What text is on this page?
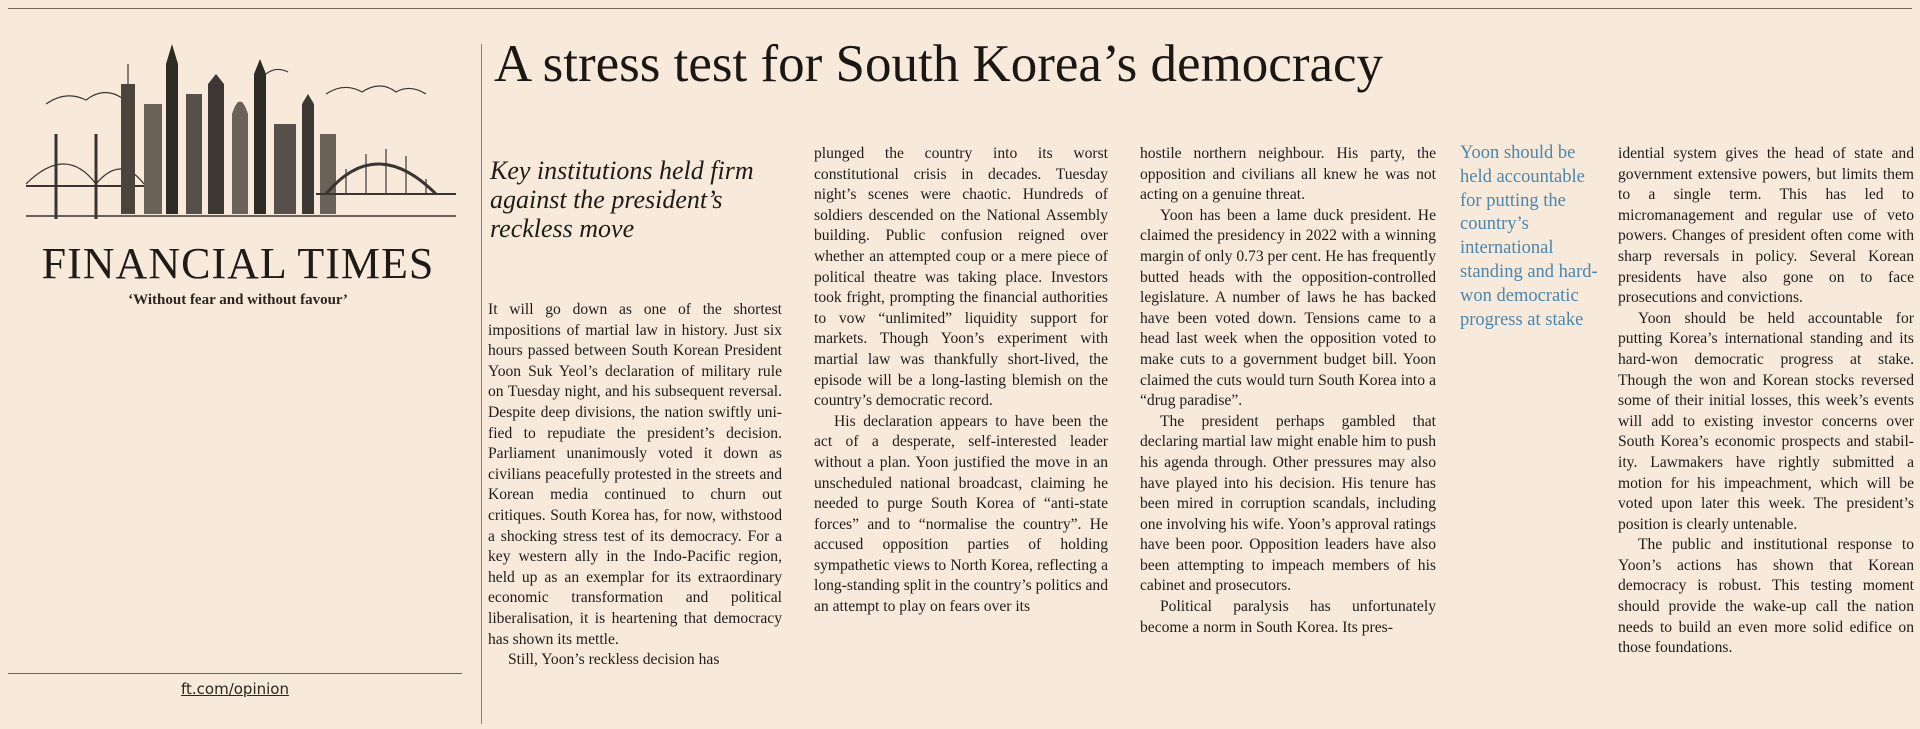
FINANCIAL TIMES
‘Without fear and without favour’
ft.com/opinion
A stress test for South Korea’s democracy
Key institutions held firm against the president’s reckless move

It will go down as one of the shortest impositions of martial law in history. Just six hours passed between South Korean President Yoon Suk Yeol’s declaration of military rule on Tuesday night, and his subsequent reversal. Despite deep divisions, the nation swiftly unified to repudiate the president’s decision. Parliament unanimously voted it down as civilians peacefully protested in the streets and Korean media continued to churn out critiques. South Korea has, for now, withstood a shocking stress test of its democracy. For a key western ally in the Indo-Pacific region, held up as an exemplar for its extraordinary economic transformation and political liberalisation, it is heartening that democracy has shown its mettle.

Still, Yoon’s reckless decision has

plunged the country into its worst constitutional crisis in decades. Tuesday night’s scenes were chaotic. Hundreds of soldiers descended on the National Assembly building. Public confusion reigned over whether an attempted coup or a mere piece of political theatre was taking place. Investors took fright, prompting the financial authorities to vow “unlimited” liquidity support for markets. Though Yoon’s experiment with martial law was thankfully short-lived, the episode will be a long-lasting blemish on the country’s democratic record.

His declaration appears to have been the act of a desperate, self-interested leader without a plan. Yoon justified the move in an unscheduled national broadcast, claiming he needed to purge South Korea of “anti-state forces” and to “normalise the country”. He accused opposition parties of holding sympathetic views to North Korea, reflecting a long-standing split in the country’s politics and an attempt to play on fears over its

hostile northern neighbour. His party, the opposition and civilians all knew he was not acting on a genuine threat.

Yoon has been a lame duck president. He claimed the presidency in 2022 with a winning margin of only 0.73 per cent. He has frequently butted heads with the opposition-controlled legislature. A number of laws he has backed have been voted down. Tensions came to a head last week when the opposition voted to make cuts to a government budget bill. Yoon claimed the cuts would turn South Korea into a “drug paradise”.

The president perhaps gambled that declaring martial law might enable him to push his agenda through. Other pressures may also have played into his decision. His tenure has been mired in corruption scandals, including one involving his wife. Yoon’s approval ratings have been poor. Opposition leaders have also been attempting to impeach members of his cabinet and prosecutors.

Political paralysis has unfortunately become a norm in South Korea. Its pres-

Yoon should be held accountable for putting the country’s international standing and hard-won democratic progress at stake

idential system gives the head of state and government extensive powers, but limits them to a single term. This has led to micromanagement and regular use of veto powers. Changes of president often come with sharp reversals in policy. Several Korean presidents have also gone on to face prosecutions and convictions.

Yoon should be held accountable for putting Korea’s international standing and its hard-won democratic progress at stake. Though the won and Korean stocks reversed some of their initial losses, this week’s events will add to existing investor concerns over South Korea’s economic prospects and stability. Lawmakers have rightly submitted a motion for his impeachment, which will be voted upon later this week. The president’s position is clearly untenable.

The public and institutional response to Yoon’s actions has shown that Korean democracy is robust. This testing moment should provide the wake-up call the nation needs to build an even more solid edifice on those foundations.
